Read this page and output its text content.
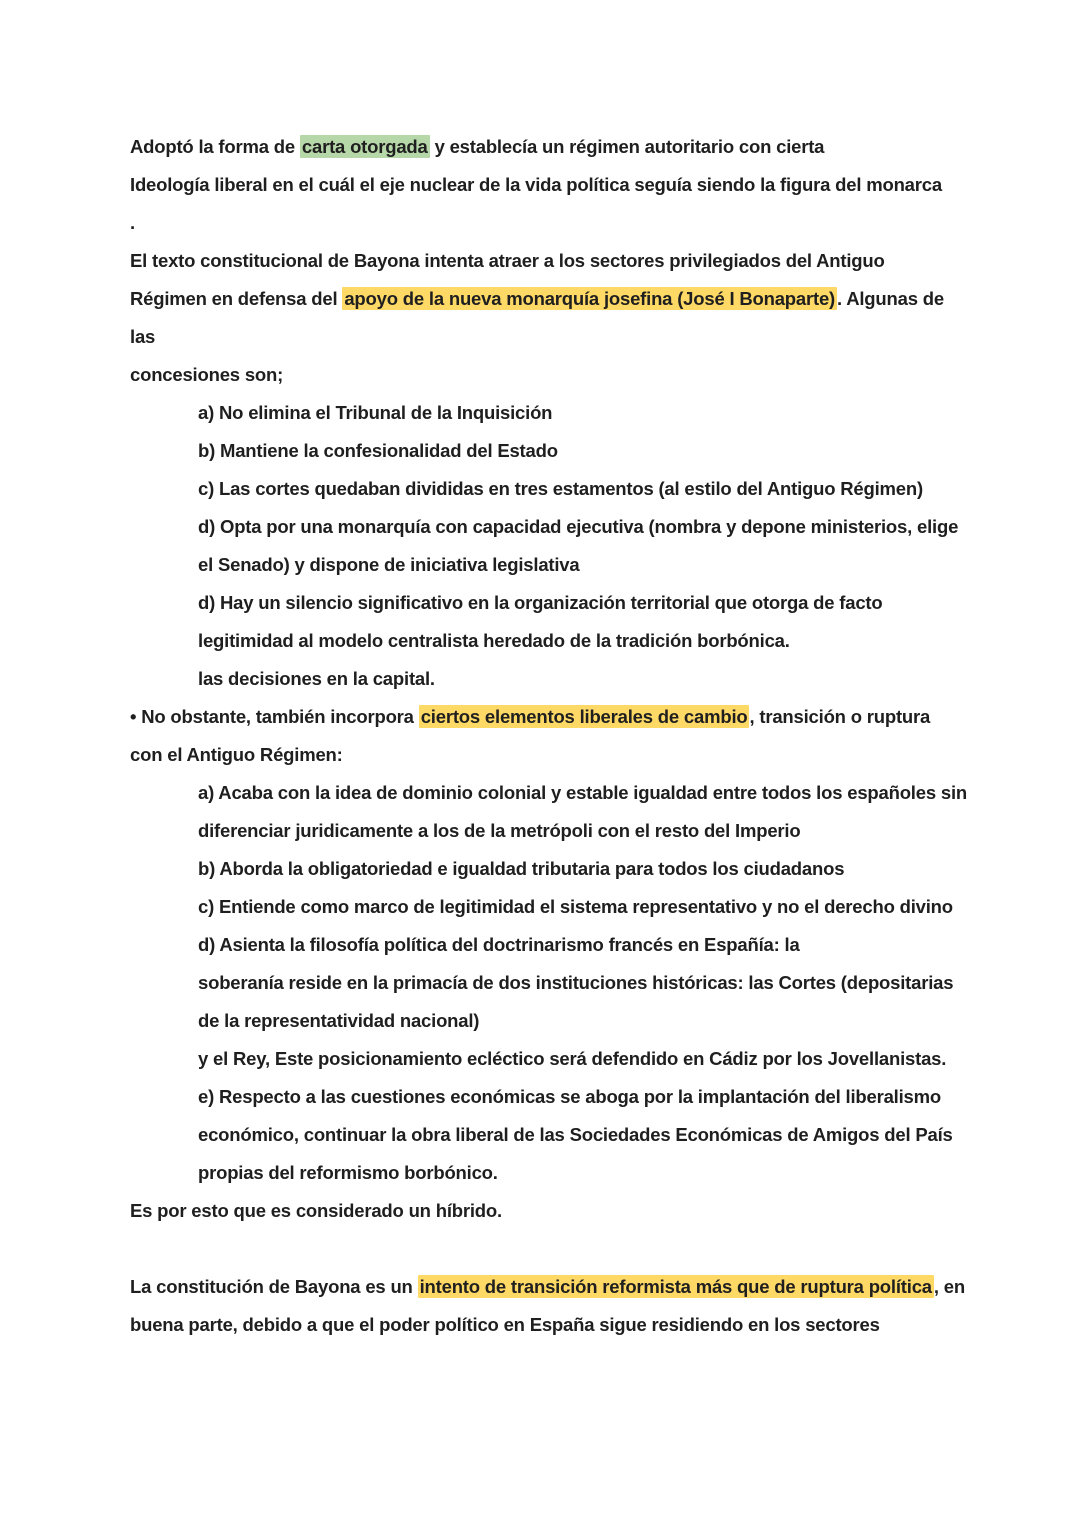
Adoptó la forma de carta otorgada y establecía un régimen autoritario con cierta
Ideología liberal en el cuál el eje nuclear de la vida política seguía siendo la figura del monarca
.
El texto constitucional de Bayona intenta atraer a los sectores privilegiados del Antiguo
Régimen en defensa del apoyo de la nueva monarquía josefina (José I Bonaparte) . Algunas de las
concesiones son;
a) No elimina el Tribunal de la Inquisición
b) Mantiene la confesionalidad del Estado
c) Las cortes quedaban divididas en tres estamentos (al estilo del Antiguo Régimen)
d) Opta por una monarquía con capacidad ejecutiva (nombra y depone ministerios, elige
el Senado) y dispone de iniciativa legislativa
d) Hay un silencio significativo en la organización territorial que otorga de facto
legitimidad al modelo centralista heredado de la tradición borbónica.
las decisiones en la capital.
• No obstante, también incorpora ciertos elementos liberales de cambio , transición o ruptura
con el Antiguo Régimen:
a) Acaba con la idea de dominio colonial y estable igualdad entre todos los españoles sin
diferenciar juridicamente a los de la metrópoli con el resto del Imperio
b) Aborda la obligatoriedad e igualdad tributaria para todos los ciudadanos
c) Entiende como marco de legitimidad el sistema representativo y no el derecho divino
d) Asienta la filosofía política del doctrinarismo francés en Españía: la
soberanía reside en la primacía de dos instituciones históricas: las Cortes (depositarias
de la representatividad nacional)
y el Rey, Este posicionamiento ecléctico será defendido en Cádiz por los Jovellanistas.
e) Respecto a las cuestiones económicas se aboga por la implantación del liberalismo
económico, continuar la obra liberal de las Sociedades Económicas de Amigos del País
propias del reformismo borbónico.
Es por esto que es considerado un híbrido.
La constitución de Bayona es un intento de transición reformista más que de ruptura política , en
buena parte, debido a que el poder político en España sigue residiendo en los sectores
